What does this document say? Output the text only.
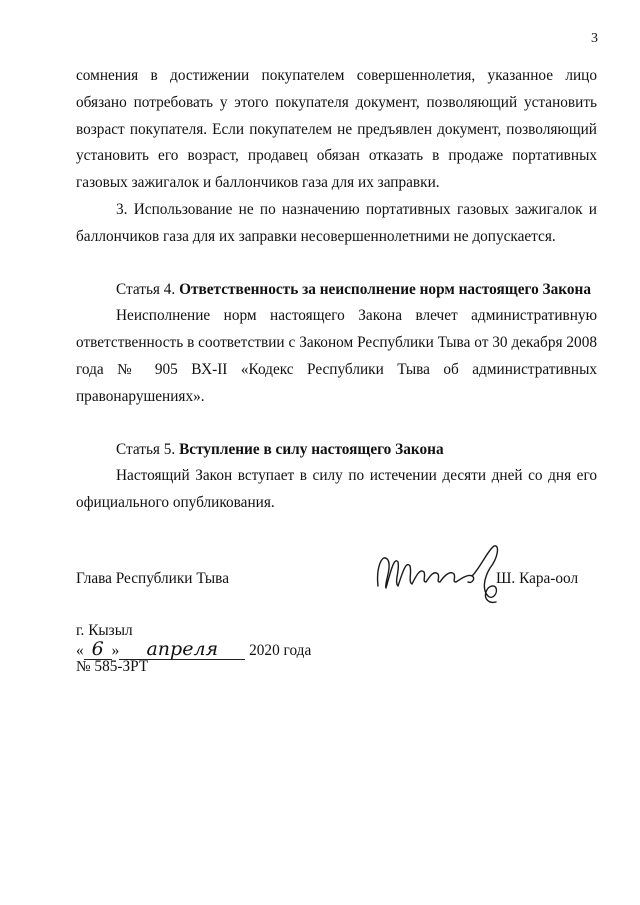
3

сомнения в достижении покупателем совершеннолетия, указанное лицо обязано потребовать у этого покупателя документ, позволяющий установить возраст покупателя. Если покупателем не предъявлен документ, позволяющий установить его возраст, продавец обязан отказать в продаже портативных газовых зажигалок и баллончиков газа для их заправки.

3. Использование не по назначению портативных газовых зажигалок и баллончиков газа для их заправки несовершеннолетними не допускается.

Статья 4. Ответственность за неисполнение норм настоящего Закона

Неисполнение норм настоящего Закона влечет административную ответственность в соответствии с Законом Республики Тыва от 30 декабря 2008 года № 905 ВХ-II «Кодекс Республики Тыва об административных правонарушениях».

Статья 5. Вступление в силу настоящего Закона

Настоящий Закон вступает в силу по истечении десяти дней со дня его официального опубликования.

Глава Республики Тыва	Ш. Кара-оол
г. Кызыл
« 6 » апреля 2020 года
№ 585-ЗРТ
